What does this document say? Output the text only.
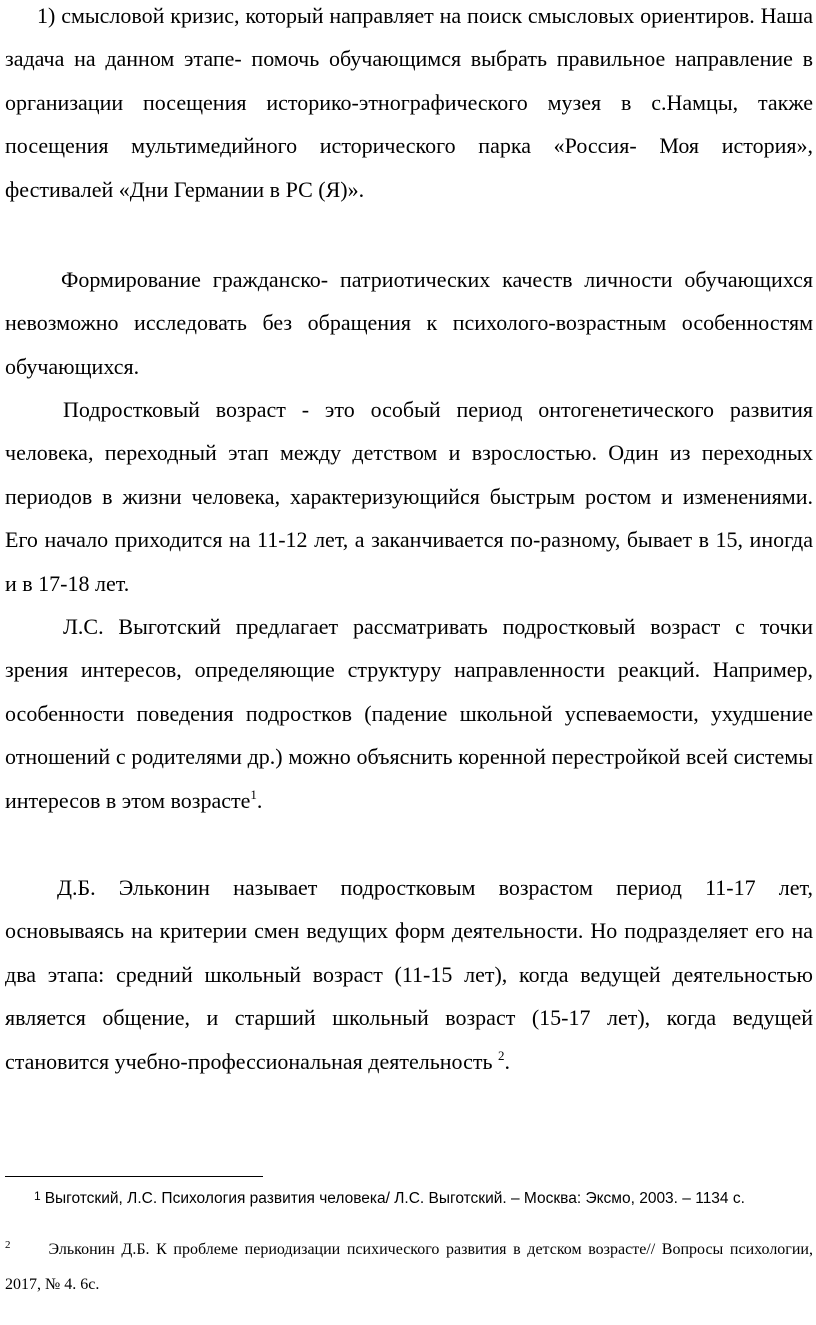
1) смысловой кризис, который направляет на поиск смысловых ориентиров. Наша задача на данном этапе- помочь обучающимся выбрать правильное направление в организации посещения историко-этнографического музея в с.Намцы, также посещения мультимедийного исторического парка «Россия- Моя история», фестивалей «Дни Германии в РС (Я)».

Формирование гражданско- патриотических качеств личности обучающихся невозможно исследовать без обращения к психолого-возрастным особенностям обучающихся.

Подростковый возраст - это особый период онтогенетического развития человека, переходный этап между детством и взрослостью. Один из переходных периодов в жизни человека, характеризующийся быстрым ростом и изменениями. Его начало приходится на 11-12 лет, а заканчивается по-разному, бывает в 15, иногда и в 17-18 лет.

Л.С. Выготский предлагает рассматривать подростковый возраст с точки зрения интересов, определяющие структуру направленности реакций. Например, особенности поведения подростков (падение школьной успеваемости, ухудшение отношений с родителями др.) можно объяснить коренной перестройкой всей системы интересов в этом возрасте$^1$.

Д.Б. Эльконин называет подростковым возрастом период 11-17 лет, основываясь на критерии смен ведущих форм деятельности. Но подразделяет его на два этапа: средний школьный возраст (11-15 лет), когда ведущей деятельностью является общение, и старший школьный возраст (15-17 лет), когда ведущей становится учебно-профессиональная деятельность $^2$.

$^1$ Выготский, Л.С. Психология развития человека/ Л.С. Выготский. – Москва: Эксмо, 2003. – 1134 с.
$^2$ Эльконин Д.Б. К проблеме периодизации психического развития в детском возрасте// Вопросы психологии, 2017, № 4. 6с.
